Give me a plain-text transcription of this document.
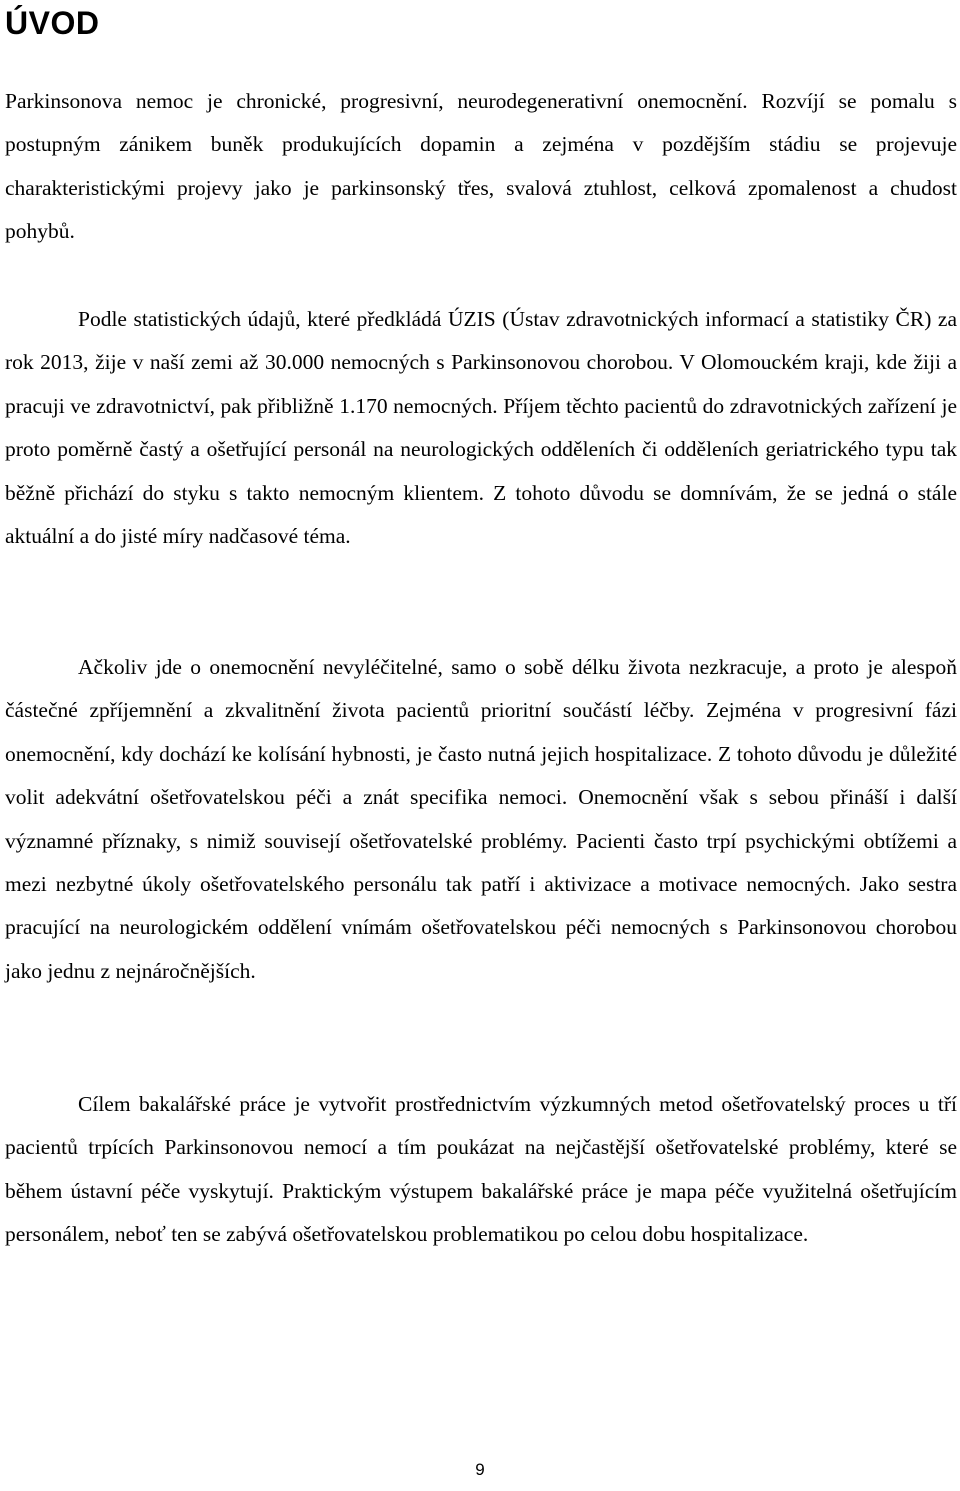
ÚVOD

Parkinsonova nemoc je chronické, progresivní, neurodegenerativní onemocnění. Rozvíjí se pomalu s postupným zánikem buněk produkujících dopamin a zejména v pozdějším stádiu se projevuje charakteristickými projevy jako je parkinsonský třes, svalová ztuhlost, celková zpomalenost a chudost pohybů.

Podle statistických údajů, které předkládá ÚZIS (Ústav zdravotnických informací a statistiky ČR) za rok 2013, žije v naší zemi až 30.000 nemocných s Parkinsonovou chorobou. V Olomouckém kraji, kde žiji a pracuji ve zdravotnictví, pak přibližně 1.170 nemocných. Příjem těchto pacientů do zdravotnických zařízení je proto poměrně častý a ošetřující personál na neurologických odděleních či odděleních geriatrického typu tak běžně přichází do styku s takto nemocným klientem. Z tohoto důvodu se domnívám, že se jedná o stále aktuální a do jisté míry nadčasové téma.

Ačkoliv jde o onemocnění nevyléčitelné, samo o sobě délku života nezkracuje, a proto je alespoň částečné zpříjemnění a zkvalitnění života pacientů prioritní součástí léčby. Zejména v progresivní fázi onemocnění, kdy dochází ke kolísání hybnosti, je často nutná jejich hospitalizace. Z tohoto důvodu je důležité volit adekvátní ošetřovatelskou péči a znát specifika nemoci. Onemocnění však s sebou přináší i další významné příznaky, s nimiž souvisejí ošetřovatelské problémy. Pacienti často trpí psychickými obtížemi a mezi nezbytné úkoly ošetřovatelského personálu tak patří i aktivizace a motivace nemocných. Jako sestra pracující na neurologickém oddělení vnímám ošetřovatelskou péči nemocných s Parkinsonovou chorobou jako jednu z nejnáročnějších.

Cílem bakalářské práce je vytvořit prostřednictvím výzkumných metod ošetřovatelský proces u tří pacientů trpících Parkinsonovou nemocí a tím poukázat na nejčastější ošetřovatelské problémy, které se během ústavní péče vyskytují. Praktickým výstupem bakalářské práce je mapa péče využitelná ošetřujícím personálem, neboť ten se zabývá ošetřovatelskou problematikou po celou dobu hospitalizace.

9
